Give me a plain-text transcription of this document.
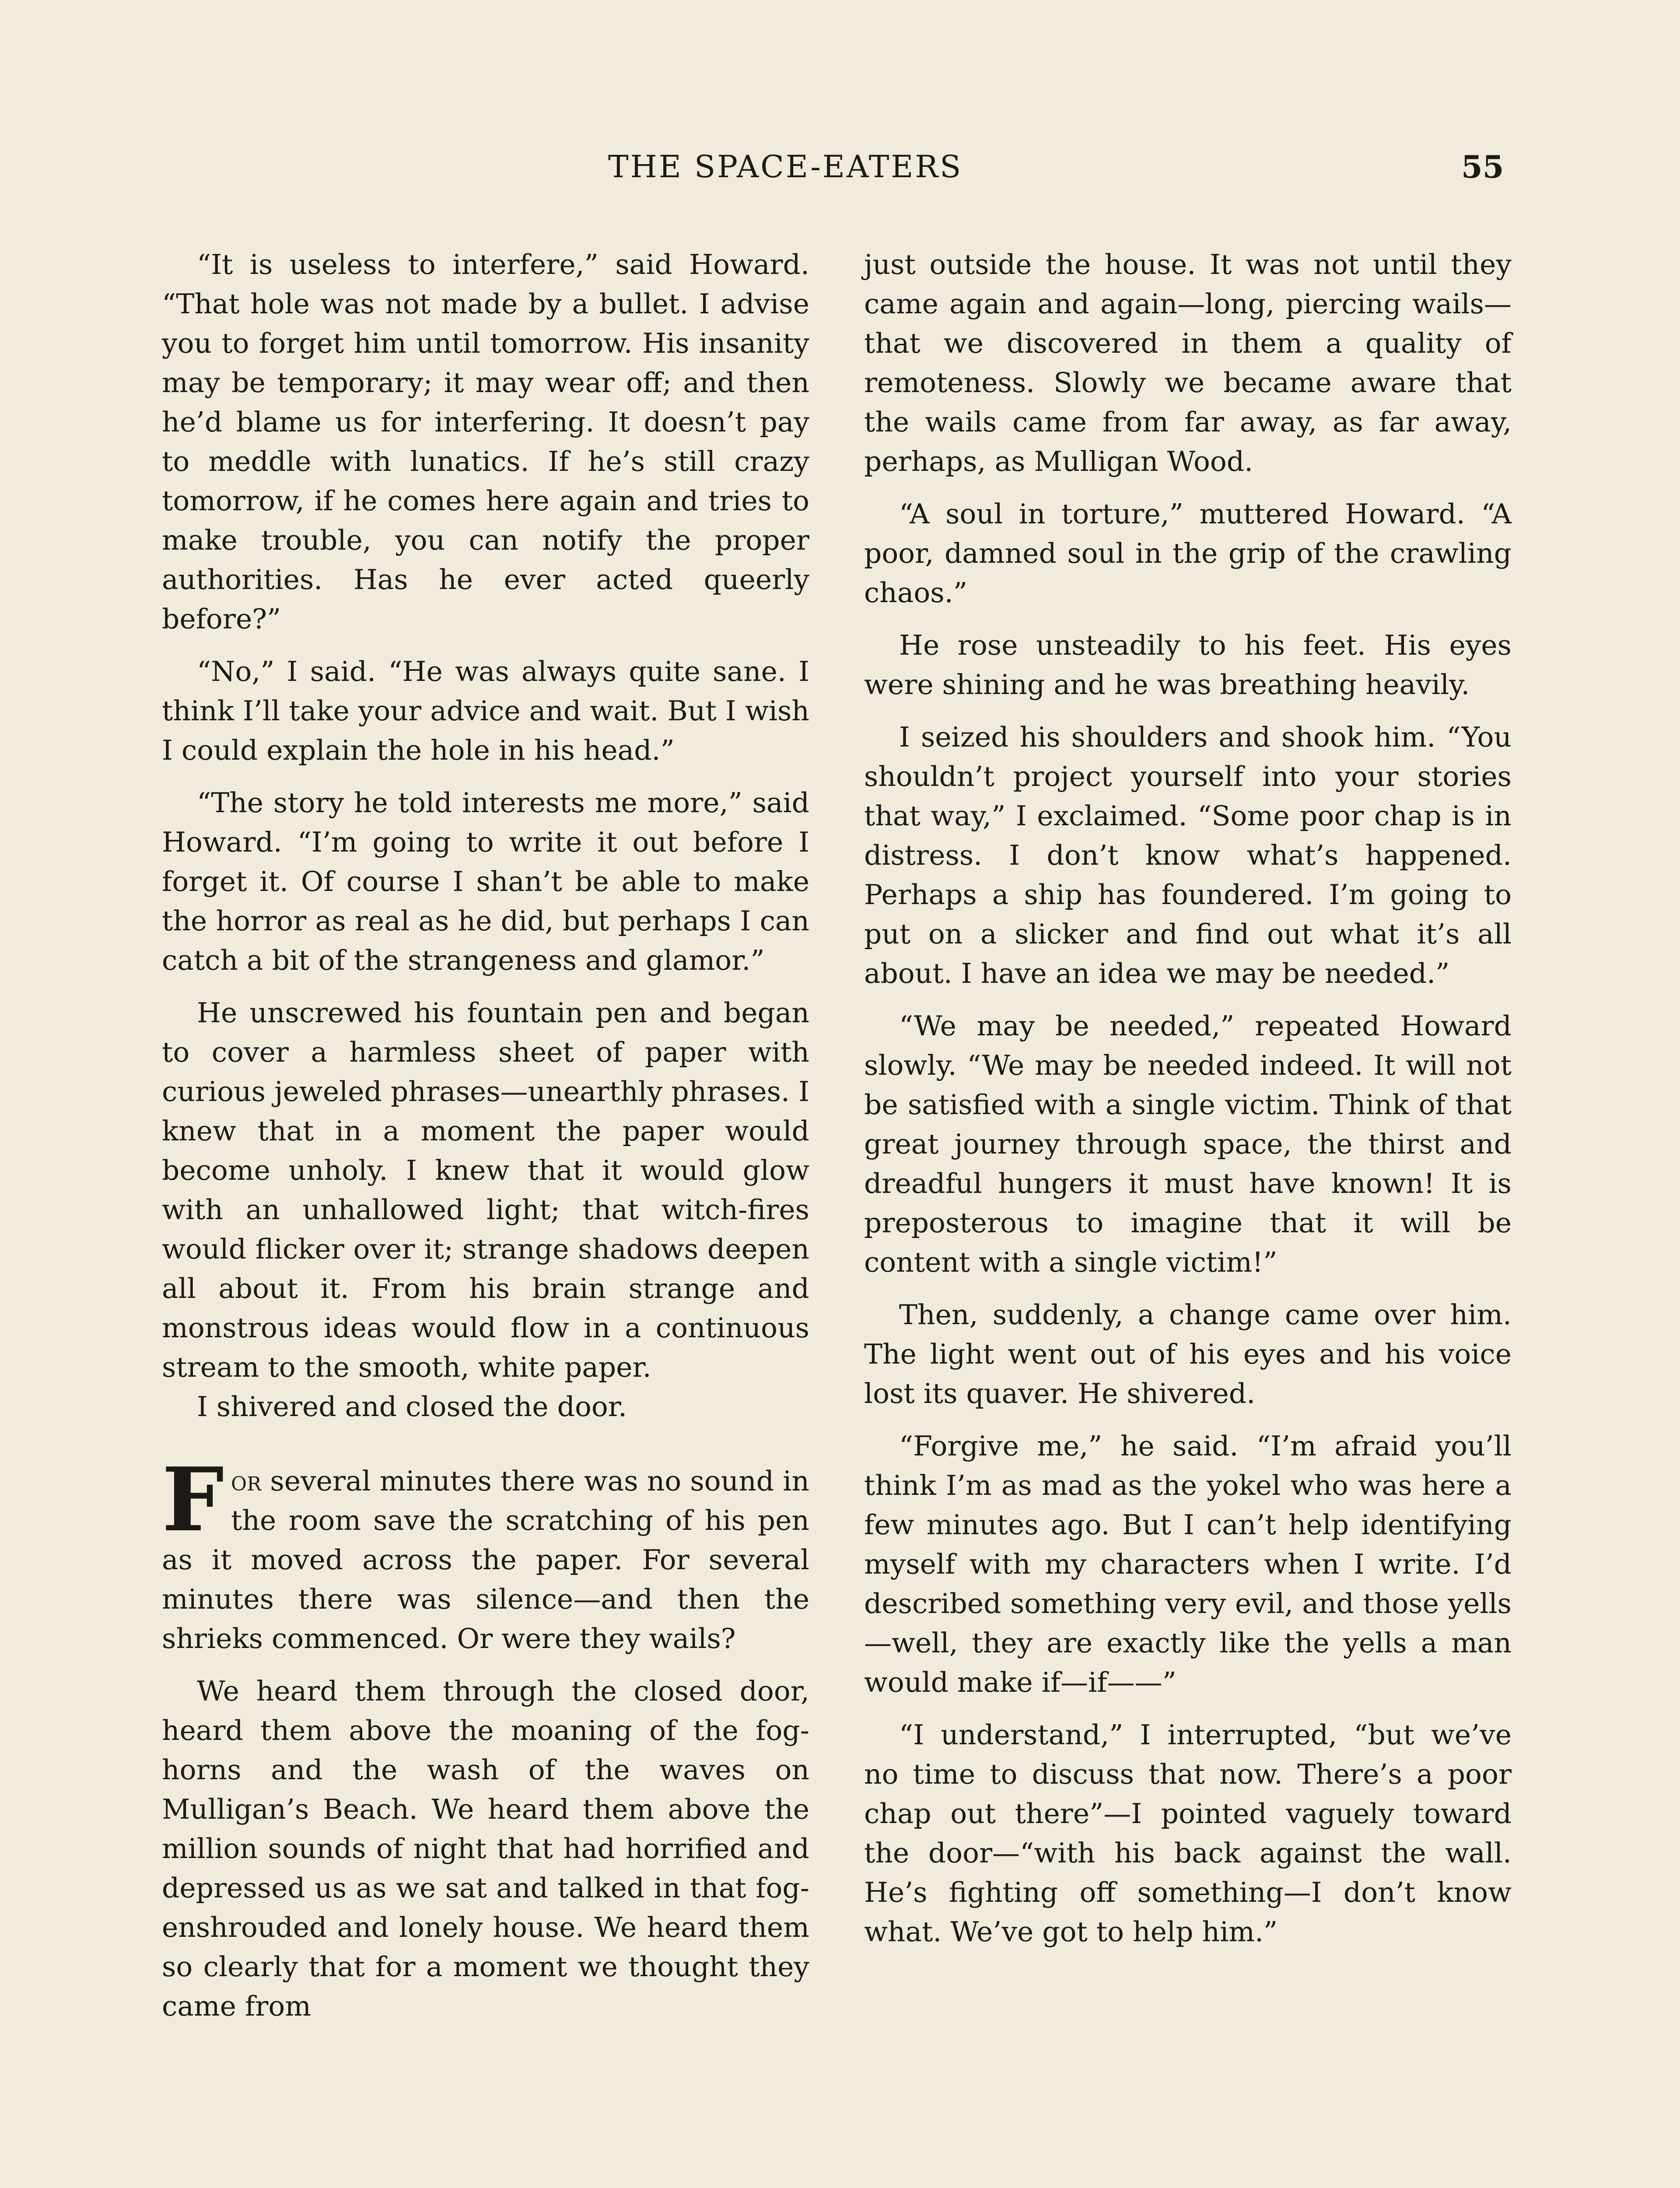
THE SPACE-EATERS	55

“It is useless to interfere,” said Howard. “That hole was not made by a bullet. I advise you to forget him until tomorrow. His insanity may be temporary; it may wear off; and then he’d blame us for interfering. It doesn’t pay to meddle with lunatics. If he’s still crazy tomorrow, if he comes here again and tries to make trouble, you can notify the proper authorities. Has he ever acted queerly before?”

“No,” I said. “He was always quite sane. I think I’ll take your advice and wait. But I wish I could explain the hole in his head.”

“The story he told interests me more,” said Howard. “I’m going to write it out before I forget it. Of course I shan’t be able to make the horror as real as he did, but perhaps I can catch a bit of the strangeness and glamor.”

He unscrewed his fountain pen and began to cover a harmless sheet of paper with curious jeweled phrases—unearthly phrases. I knew that in a moment the paper would become unholy. I knew that it would glow with an unhallowed light; that witch-fires would flicker over it; strange shadows deepen all about it. From his brain strange and monstrous ideas would flow in a continuous stream to the smooth, white paper.

I shivered and closed the door.

For several minutes there was no sound in the room save the scratching of his pen as it moved across the paper. For several minutes there was silence—and then the shrieks commenced. Or were they wails?

We heard them through the closed door, heard them above the moaning of the fog-horns and the wash of the waves on Mulligan’s Beach. We heard them above the million sounds of night that had horrified and depressed us as we sat and talked in that fog-enshrouded and lonely house. We heard them so clearly that for a moment we thought they came from

just outside the house. It was not until they came again and again—long, piercing wails—that we discovered in them a quality of remoteness. Slowly we became aware that the wails came from far away, as far away, perhaps, as Mulligan Wood.

“A soul in torture,” muttered Howard. “A poor, damned soul in the grip of the crawling chaos.”

He rose unsteadily to his feet. His eyes were shining and he was breathing heavily.

I seized his shoulders and shook him. “You shouldn’t project yourself into your stories that way,” I exclaimed. “Some poor chap is in distress. I don’t know what’s happened. Perhaps a ship has foundered. I’m going to put on a slicker and find out what it’s all about. I have an idea we may be needed.”

“We may be needed,” repeated Howard slowly. “We may be needed indeed. It will not be satisfied with a single victim. Think of that great journey through space, the thirst and dreadful hungers it must have known! It is preposterous to imagine that it will be content with a single victim!”

Then, suddenly, a change came over him. The light went out of his eyes and his voice lost its quaver. He shivered.

“Forgive me,” he said. “I’m afraid you’ll think I’m as mad as the yokel who was here a few minutes ago. But I can’t help identifying myself with my characters when I write. I’d described something very evil, and those yells—well, they are exactly like the yells a man would make if—if——”

“I understand,” I interrupted, “but we’ve no time to discuss that now. There’s a poor chap out there”—I pointed vaguely toward the door—“with his back against the wall. He’s fighting off something—I don’t know what. We’ve got to help him.”
